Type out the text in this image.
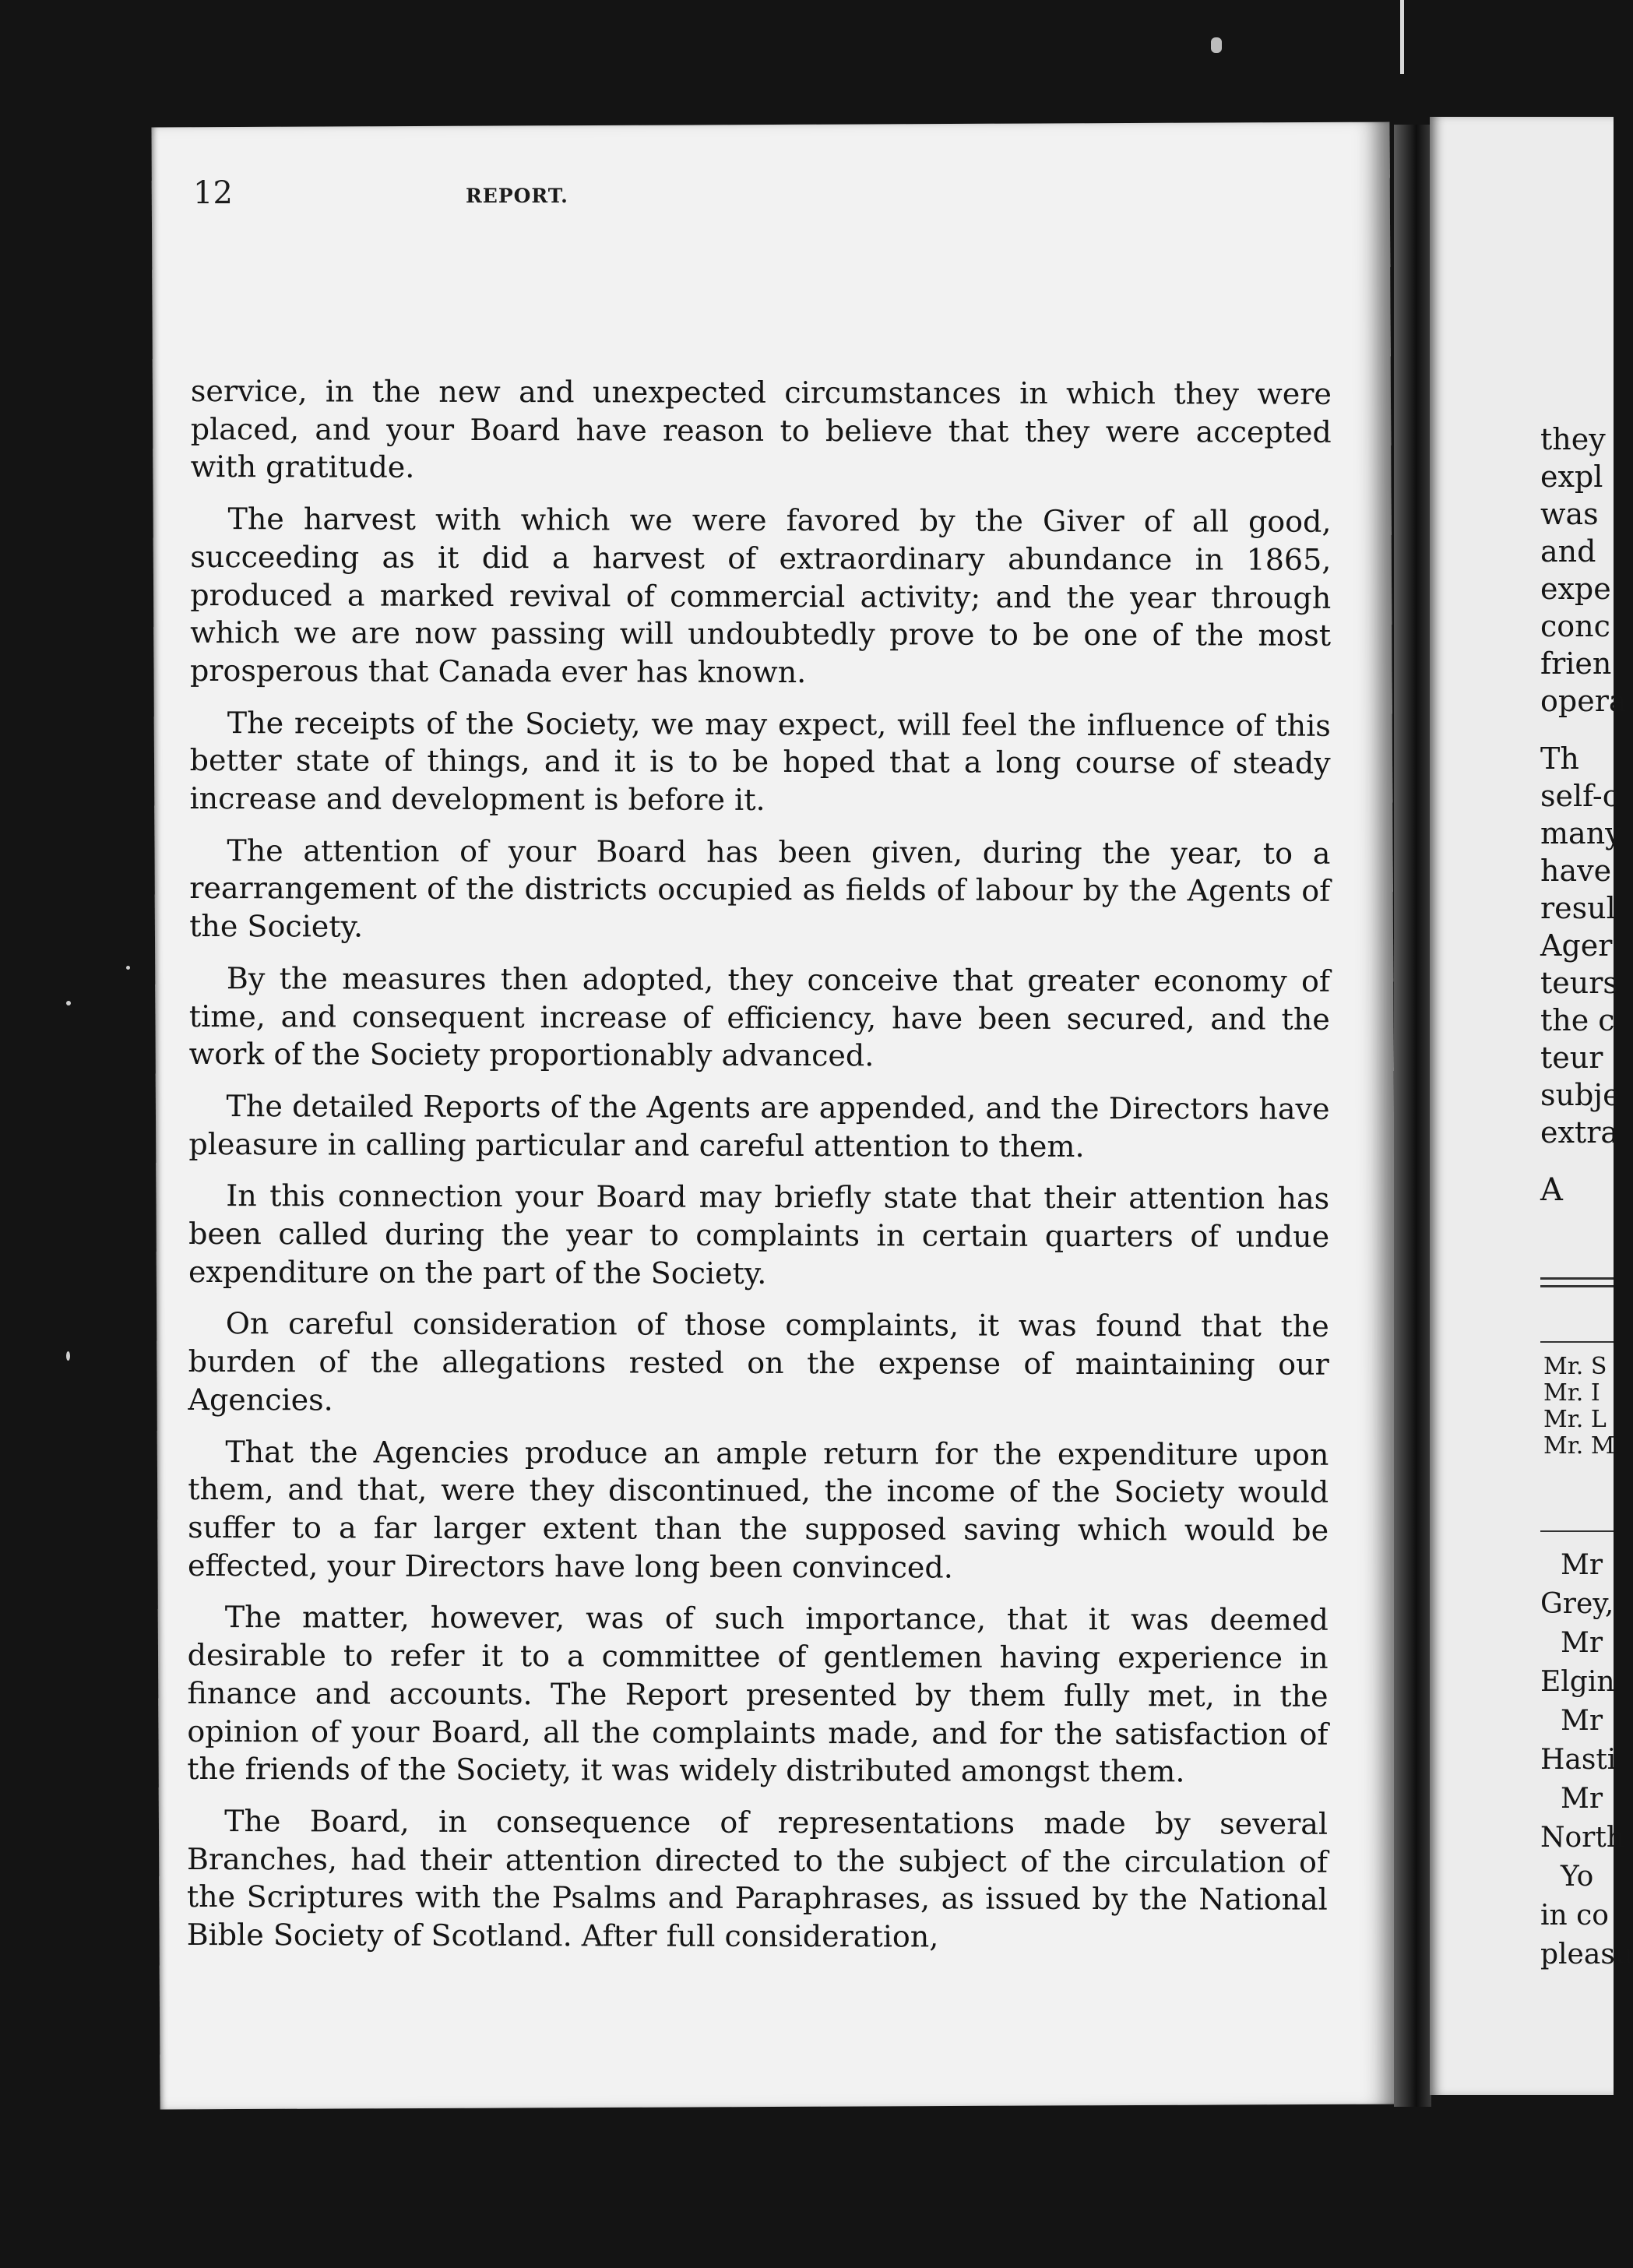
12	REPORT.

service, in the new and unexpected circumstances in which they were placed, and your Board have reason to believe that they were accepted with gratitude.

The harvest with which we were favored by the Giver of all good, succeeding as it did a harvest of extraordinary abundance in 1865, produced a marked revival of commercial activity; and the year through which we are now passing will undoubtedly prove to be one of the most prosperous that Canada ever has known.

The receipts of the Society, we may expect, will feel the influence of this better state of things, and it is to be hoped that a long course of steady increase and development is before it.

The attention of your Board has been given, during the year, to a rearrangement of the districts occupied as fields of labour by the Agents of the Society.

By the measures then adopted, they conceive that greater economy of time, and consequent increase of efficiency, have been secured, and the work of the Society proportionably advanced.

The detailed Reports of the Agents are appended, and the Directors have pleasure in calling particular and careful attention to them.

In this connection your Board may briefly state that their attention has been called during the year to complaints in certain quarters of undue expenditure on the part of the Society.

On careful consideration of those complaints, it was found that the burden of the allegations rested on the expense of maintaining our Agencies.

That the Agencies produce an ample return for the expenditure upon them, and that, were they discontinued, the income of the Society would suffer to a far larger extent than the supposed saving which would be effected, your Directors have long been convinced.

The matter, however, was of such importance, that it was deemed desirable to refer it to a committee of gentlemen having experience in finance and accounts. The Report presented by them fully met, in the opinion of your Board, all the complaints made, and for the satisfaction of the friends of the Society, it was widely distributed amongst them.

The Board, in consequence of representations made by several Branches, had their attention directed to the subject of the circulation of the Scriptures with the Psalms and Paraphrases, as issued by the National Bible Society of Scotland. After full consideration,

they
expl
was
and
expe
conc
frien
opera
Th
self-c
many
have
resul
Ager
teurs
the c
teur
subje
extra
A
Mr. S
Mr. I
Mr. L
Mr. M
Mr
Grey,
Mr
Elgin
Mr
Hasti
Mr
North
Yo
in co
pleasu
